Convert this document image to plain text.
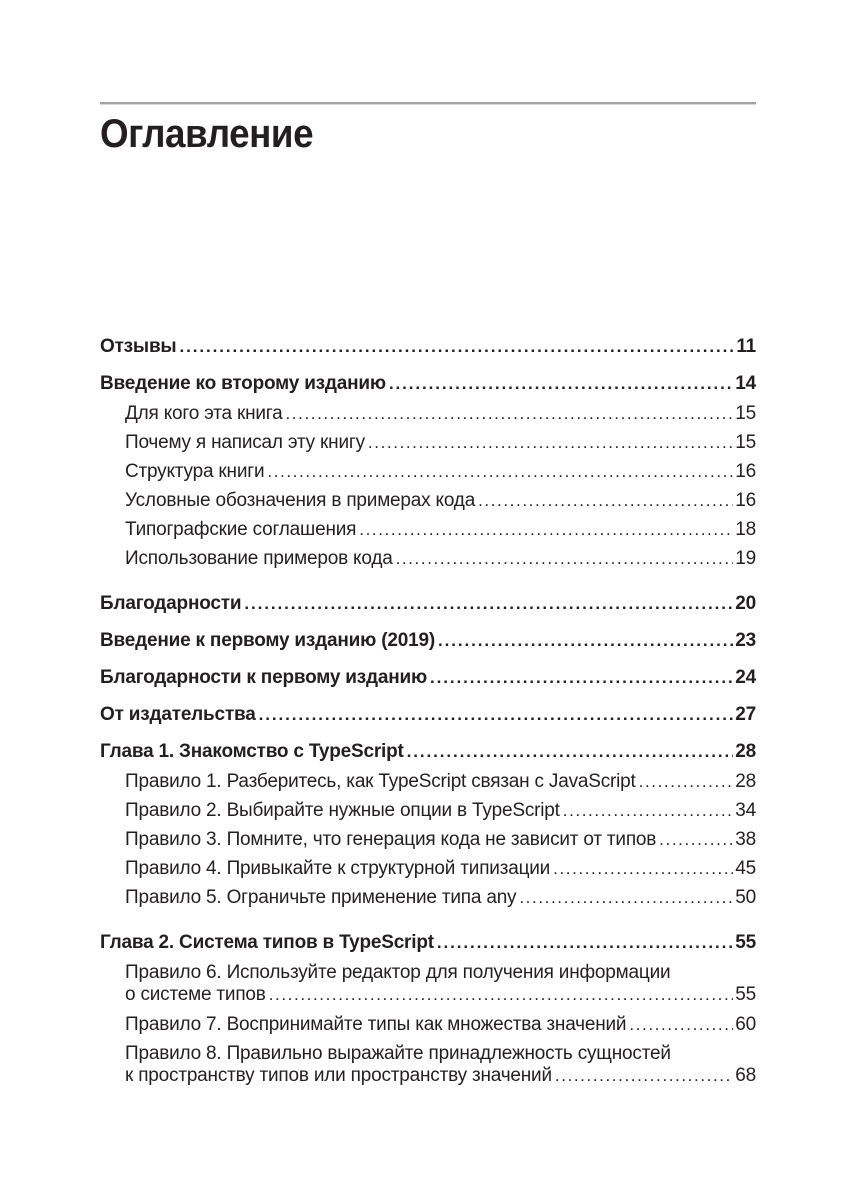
Оглавление
Отзывы .....	11
Введение ко второму изданию .....	14
Для кого эта книга .....	15
Почему я написал эту книгу .....	15
Структура книги .....	16
Условные обозначения в примерах кода .....	16
Типографские соглашения .....	18
Использование примеров кода .....	19
Благодарности .....	20
Введение к первому изданию (2019) .....	23
Благодарности к первому изданию .....	24
От издательства .....	27
Глава 1. Знакомство с TypeScript .....	28
Правило 1. Разберитесь, как TypeScript связан с JavaScript .....	28
Правило 2. Выбирайте нужные опции в TypeScript .....	34
Правило 3. Помните, что генерация кода не зависит от типов .....	38
Правило 4. Привыкайте к структурной типизации .....	45
Правило 5. Ограничьте применение типа any .....	50
Глава 2. Система типов в TypeScript .....	55
Правило 6. Используйте редактор для получения информации
о системе типов .....	55
Правило 7. Воспринимайте типы как множества значений .....	60
Правило 8. Правильно выражайте принадлежность сущностей
к пространству типов или пространству значений .....	68
